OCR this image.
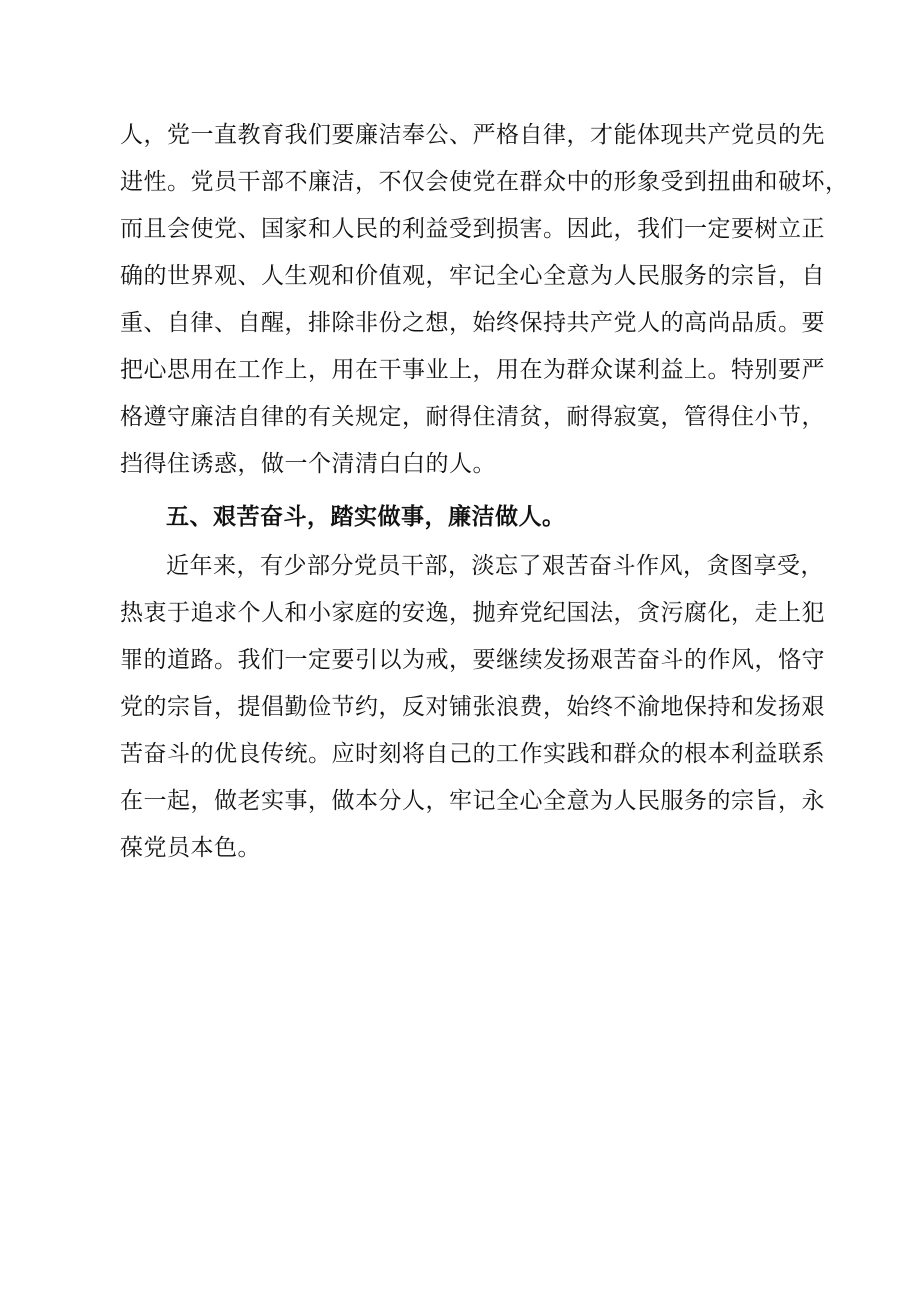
人，党一直教育我们要廉洁奉公、严格自律，才能体现共产党员的先
进性。党员干部不廉洁，不仅会使党在群众中的形象受到扭曲和破坏，
而且会使党、国家和人民的利益受到损害。因此，我们一定要树立正
确的世界观、人生观和价值观，牢记全心全意为人民服务的宗旨，自
重、自律、自醒，排除非份之想，始终保持共产党人的高尚品质。要
把心思用在工作上，用在干事业上，用在为群众谋利益上。特别要严
格遵守廉洁自律的有关规定，耐得住清贫，耐得寂寞，管得住小节，
挡得住诱惑，做一个清清白白的人。
五、艰苦奋斗，踏实做事，廉洁做人。
近年来，有少部分党员干部，淡忘了艰苦奋斗作风，贪图享受，
热衷于追求个人和小家庭的安逸，抛弃党纪国法，贪污腐化，走上犯
罪的道路。我们一定要引以为戒，要继续发扬艰苦奋斗的作风，恪守
党的宗旨，提倡勤俭节约，反对铺张浪费，始终不渝地保持和发扬艰
苦奋斗的优良传统。应时刻将自己的工作实践和群众的根本利益联系
在一起，做老实事，做本分人，牢记全心全意为人民服务的宗旨，永
葆党员本色。
